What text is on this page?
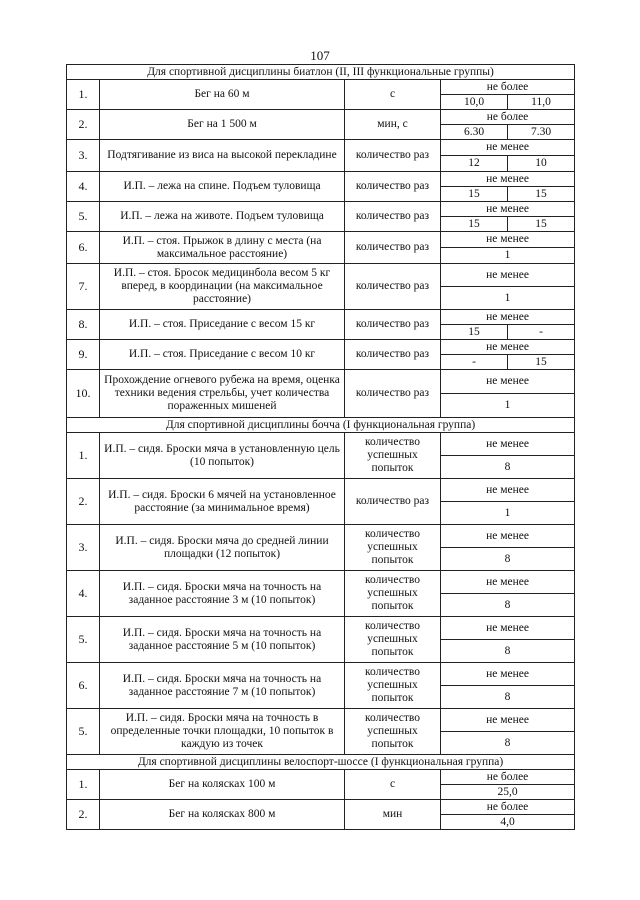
107
Для спортивной дисциплины биатлон (II, III функциональные группы)				
1.	Бег на 60 м	с	не более	
			10,0	11,0
2.	Бег на 1 500 м	мин, с	не более	
			6.30	7.30
3.	Подтягивание из виса на высокой перекладине	количество раз	не менее	
			12	10
4.	И.П. – лежа на спине. Подъем туловища	количество раз	не менее	
			15	15
5.	И.П. – лежа на животе. Подъем туловища	количество раз	не менее	
			15	15
6.	И.П. – стоя. Прыжок в длину с места (на максимальное расстояние)	количество раз	не менее	
			1	
7.	И.П. – стоя. Бросок медицинбола весом 5 кг вперед, в координации (на максимальное расстояние)	количество раз	не менее	
			1	
8.	И.П. – стоя. Приседание с весом 15 кг	количество раз	не менее	
			15	-
9.	И.П. – стоя. Приседание с весом 10 кг	количество раз	не менее	
			-	15
10.	Прохождение огневого рубежа на время, оценка техники ведения стрельбы, учет количества пораженных мишеней	количество раз	не менее	
			1	
Для спортивной дисциплины бочча (I функциональная группа)				
1.	И.П. – сидя. Броски мяча в установленную цель (10 попыток)	количество успешных попыток	не менее	
			8	
2.	И.П. – сидя. Броски 6 мячей на установленное расстояние (за минимальное время)	количество раз	не менее	
			1	
3.	И.П. – сидя. Броски мяча до средней линии площадки (12 попыток)	количество успешных попыток	не менее	
			8	
4.	И.П. – сидя. Броски мяча на точность на заданное расстояние 3 м (10 попыток)	количество успешных попыток	не менее	
			8	
5.	И.П. – сидя. Броски мяча на точность на заданное расстояние 5 м (10 попыток)	количество успешных попыток	не менее	
			8	
6.	И.П. – сидя. Броски мяча на точность на заданное расстояние 7 м (10 попыток)	количество успешных попыток	не менее	
			8	
5.	И.П. – сидя. Броски мяча на точность в определенные точки площадки, 10 попыток в каждую из точек	количество успешных попыток	не менее	
			8	
Для спортивной дисциплины велоспорт-шоссе (I функциональная группа)				
1.	Бег на колясках 100 м	с	не более	
			25,0	
2.	Бег на колясках 800 м	мин	не более	
			4,0	
